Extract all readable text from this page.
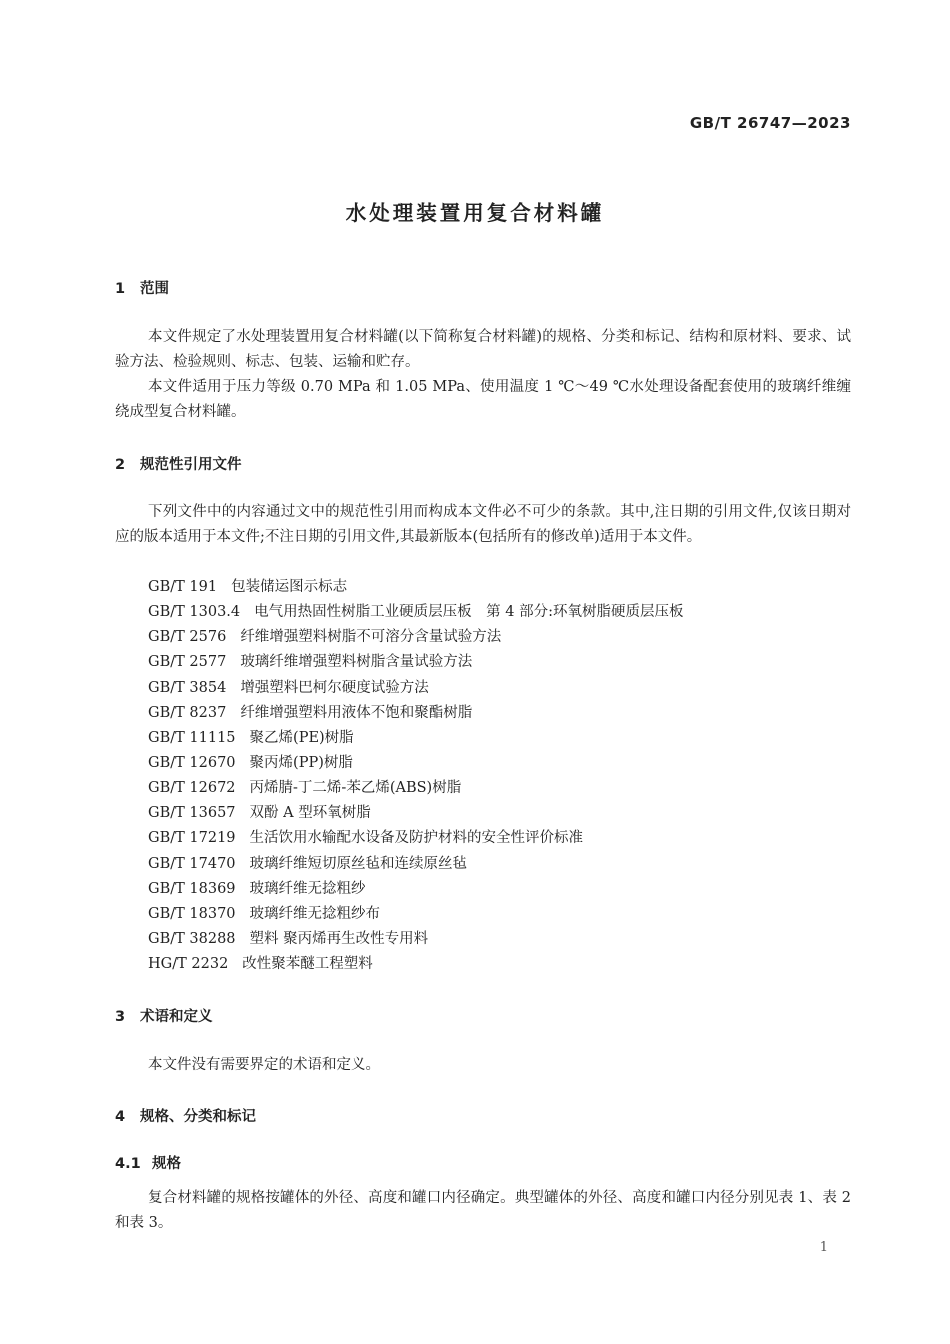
GB/T 26747—2023
水处理装置用复合材料罐
1 范围

本文件规定了水处理装置用复合材料罐(以下简称复合材料罐)的规格、分类和标记、结构和原材料、要求、试验方法、检验规则、标志、包装、运输和贮存。

本文件适用于压力等级 0.70 MPa 和 1.05 MPa、使用温度 1 ℃～49 ℃水处理设备配套使用的玻璃纤维缠绕成型复合材料罐。

2 规范性引用文件

下列文件中的内容通过文中的规范性引用而构成本文件必不可少的条款。其中,注日期的引用文件,仅该日期对应的版本适用于本文件;不注日期的引用文件,其最新版本(包括所有的修改单)适用于本文件。

GB/T 191 包装储运图示标志
GB/T 1303.4 电气用热固性树脂工业硬质层压板　第 4 部分:环氧树脂硬质层压板
GB/T 2576 纤维增强塑料树脂不可溶分含量试验方法
GB/T 2577 玻璃纤维增强塑料树脂含量试验方法
GB/T 3854 增强塑料巴柯尔硬度试验方法
GB/T 8237 纤维增强塑料用液体不饱和聚酯树脂
GB/T 11115 聚乙烯(PE)树脂
GB/T 12670 聚丙烯(PP)树脂
GB/T 12672 丙烯腈-丁二烯-苯乙烯(ABS)树脂
GB/T 13657 双酚 A 型环氧树脂
GB/T 17219 生活饮用水输配水设备及防护材料的安全性评价标准
GB/T 17470 玻璃纤维短切原丝毡和连续原丝毡
GB/T 18369 玻璃纤维无捻粗纱
GB/T 18370 玻璃纤维无捻粗纱布
GB/T 38288 塑料 聚丙烯再生改性专用料
HG/T 2232 改性聚苯醚工程塑料
3 术语和定义

本文件没有需要界定的术语和定义。

4 规格、分类和标记
4.1 规格

复合材料罐的规格按罐体的外径、高度和罐口内径确定。典型罐体的外径、高度和罐口内径分别见表 1、表 2 和表 3。

1
